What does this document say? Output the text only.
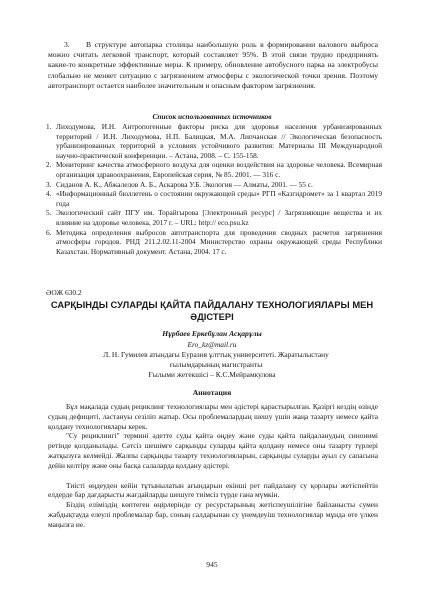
3. В структуре автопарка столицы наибольшую роль в формировании валового выброса можно считать легковой транспорт, который составляет 95%. В этой связи трудно предпринять какие-то конкретные эффективные меры. К примеру, обновление автобусного парка на электробусы глобально не меняет ситуацию с загрязнением атмосферы с экологической точки зрения. Поэтому автотранспорт остается наиболее значительным и опасным фактором загрязнения.

Список использованных источников

1. Лиходумова, И.Н. Антропогенные факторы риска для здоровья населения урбанизированных территорий / И.Н. Лиходумова, Н.П. Балицкая, М.А. Липчанская // Экологическая безопасность урбанизированных территорий в условиях устойчивого развития: Материалы III Международной научно-практической конференции. – Астана, 2008. – С. 155-158.
2. Мониторинг качества атмосферного воздуха для оценки воздействия на здоровье человека. Всемирная организация здравоохранения, Европейская серия, № 85. 2001. — 316 с.
3. Сиданов А. К., Абжалелов А. Б., Аскарова У.Б. Экология — Алматы, 2001. — 55 с.
4. «Информационный бюллетень о состоянии окружающей среды» РГП «Казгидромет» за 1 квартал 2019 года
5. Экологический сайт ПГУ им. Торайгырова [Электронный ресурс] / Загрязняющие вещества и их влияние на здоровье человека, 2017 г. – URL: http:// eco.psu.kz
6. Методика определения выбросов автотранспорта для проведения сводных расчетов загрязнения атмосферы городов. РНД 211.2.02.11-2004 Министерство охраны окружающей среды Республики Казахстан. Нормативный документ. Астана, 2004. 17 с.

ӘОЖ 630.2

САРҚЫНДЫ СУЛАРДЫ ҚАЙТА ПАЙДАЛАНУ ТЕХНОЛОГИЯЛАРЫ МЕН ӘДІСТЕРІ

Нұрбаев Еркебұлан Асқарұлы

Ero_kz@mail.ru

Л. Н. Гумилев атындағы Еуразия ұлттық университеті. Жаратылыстану ғылымдарының магистранты

Ғылыми жетекшісі – К.С.Мейрамкулова

Аннотация

Бұл мақалада судың рециклинг технологиялары мен әдістері қарастырылған. Қазіргі кездің өзінде судың дефициті, ластануы сезіліп жатыр. Осы проблемалардың шешу үшін жаңа тазарту немесе қайта қолдану технологиялары керек.

"Су рециклингі" термині әдетте суды қайта өңдеу және суды қайта пайдаланудың синонимі ретінде қолданылады. Сәтсіз шешімге сарқынды суларды қайта қолдану немесе оны тазарту түрлері жатқызуға келмейді. Жалпы сарқынды тазарту технологияларын, сарқынды суларды ауыл су сапасына дейін келтіру және оны басқа салаларда қолдану әдістері.

Тиісті өңдеуден кейін тұтынылатын ағындарын екінші рет пайдалану су қорлары жетіспейтін елдерде бар дағдарысты жағдайларды шешуге тиімсіз түрде ғана мүмкін.

Біздің еліміздің көптеген өңірлерінде су ресурстарының жетіспеушілігіне байланысты сумен жабдықтауда елеулі проблемалар бар, соның салдарынан су үнемдеуіш технологиялар мұнда өте үлкен маңызға ие.

945
